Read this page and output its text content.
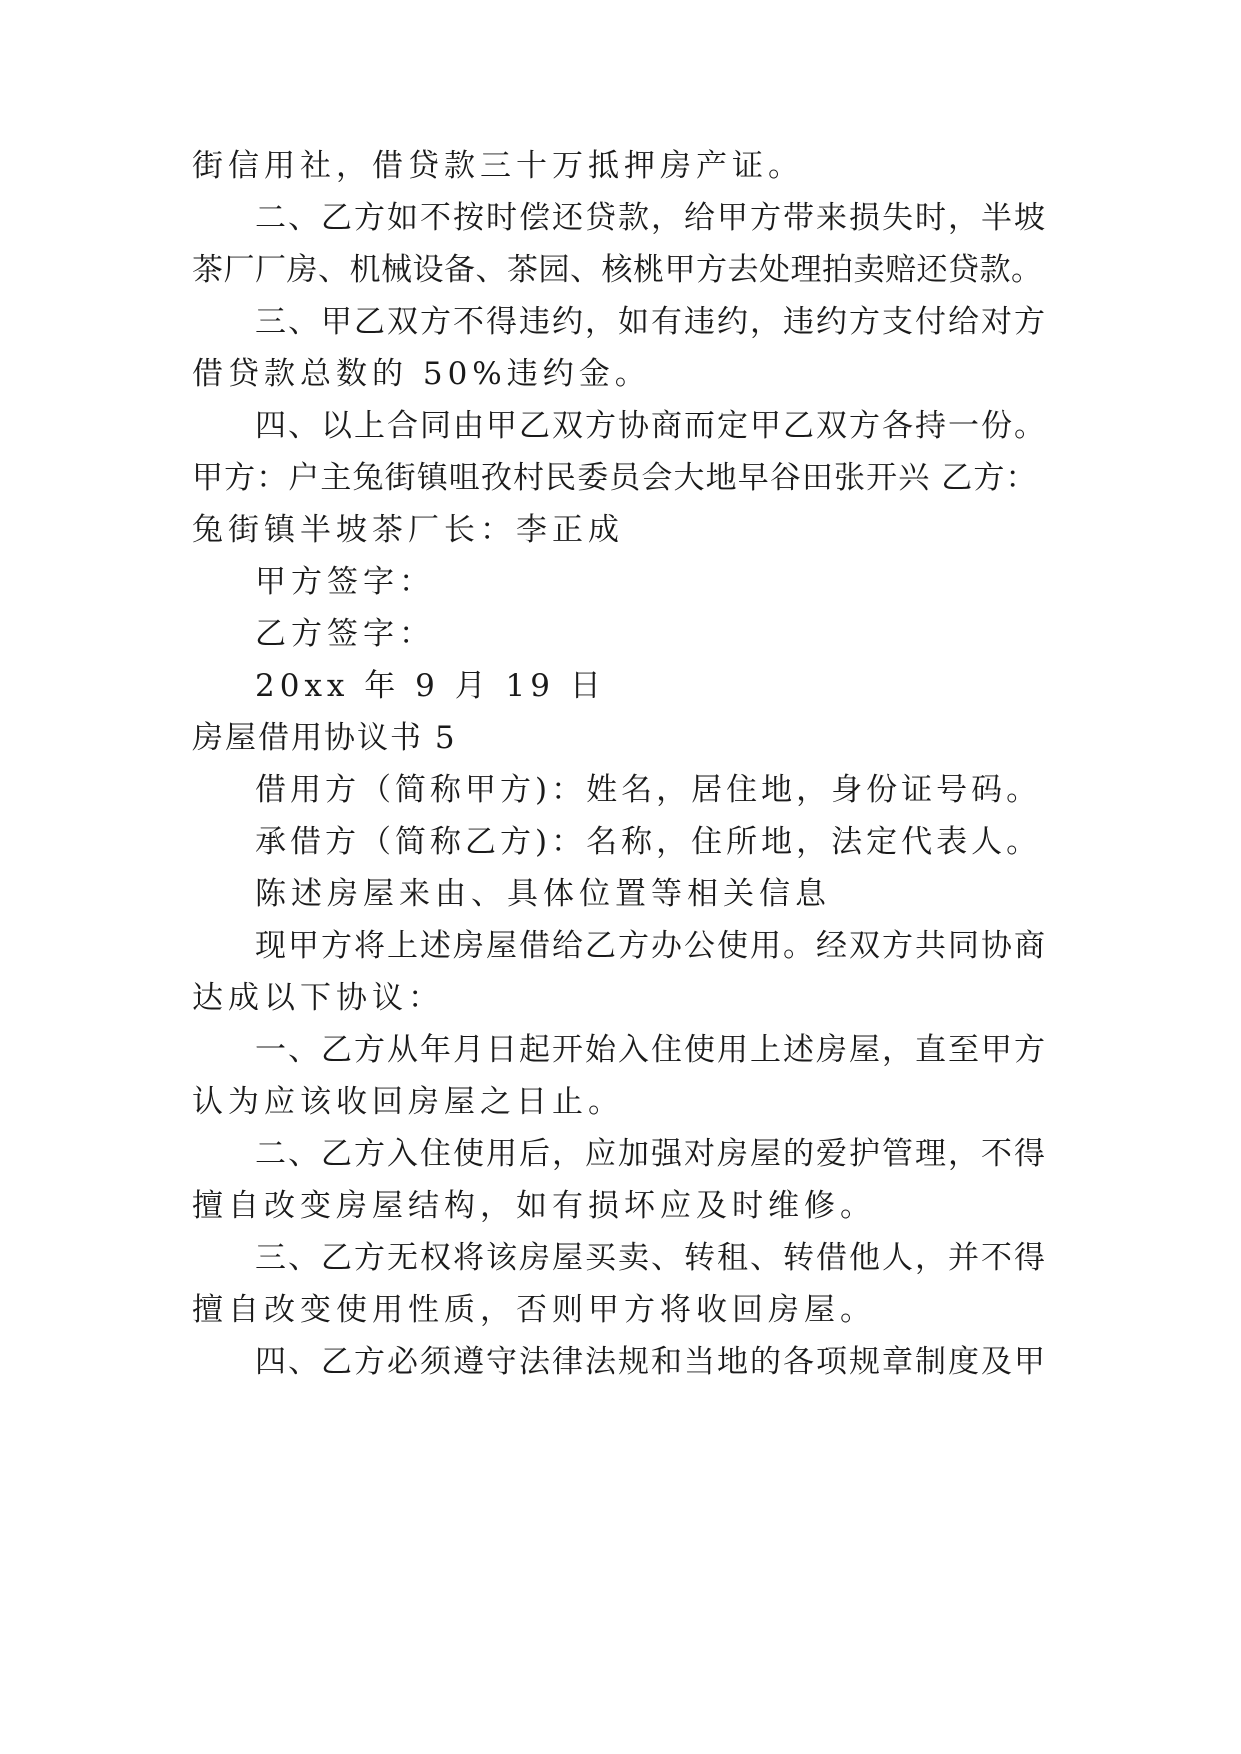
街信用社，借贷款三十万抵押房产证。

二、乙方如不按时偿还贷款，给甲方带来损失时，半坡

茶厂厂房、机械设备、茶园、核桃甲方去处理拍卖赔还贷款。

三、甲乙双方不得违约，如有违约，违约方支付给对方

借贷款总数的 50%违约金。

四、以上合同由甲乙双方协商而定甲乙双方各持一份。

甲方：户主兔街镇咀孜村民委员会大地早谷田张开兴 乙方：

兔街镇半坡茶厂长：李正成

甲方签字：

乙方签字：

20xx 年 9 月 19 日

房屋借用协议书 5

借用方（简称甲方)：姓名，居住地，身份证号码。

承借方（简称乙方)：名称，住所地，法定代表人。

陈述房屋来由、具体位置等相关信息

现甲方将上述房屋借给乙方办公使用。经双方共同协商

达成以下协议：

一、乙方从年月日起开始入住使用上述房屋，直至甲方

认为应该收回房屋之日止。

二、乙方入住使用后，应加强对房屋的爱护管理，不得

擅自改变房屋结构，如有损坏应及时维修。

三、乙方无权将该房屋买卖、转租、转借他人，并不得

擅自改变使用性质，否则甲方将收回房屋。

四、乙方必须遵守法律法规和当地的各项规章制度及甲
